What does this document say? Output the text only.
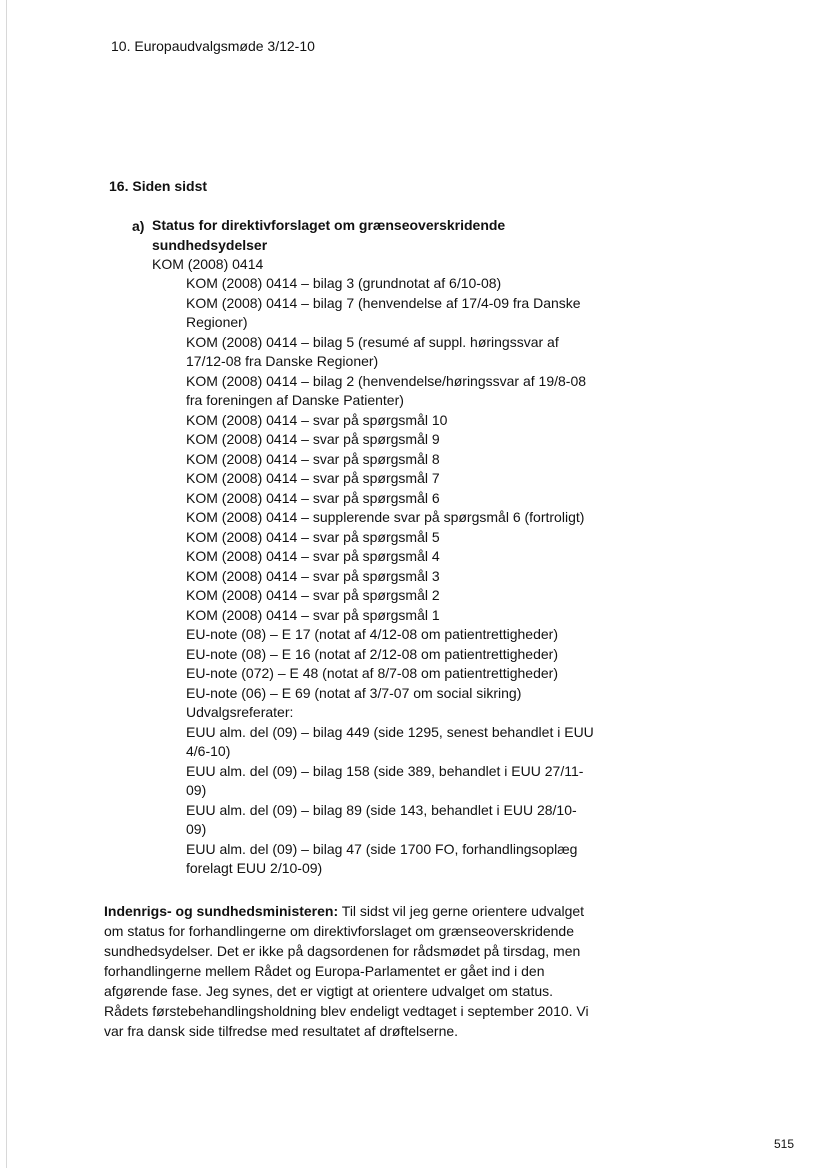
10. Europaudvalgsmøde 3/12-10
16. Siden sidst
a) Status for direktivforslaget om grænseoverskridende sundhedsydelser
KOM (2008) 0414
KOM (2008) 0414 – bilag 3 (grundnotat af 6/10-08)
KOM (2008) 0414 – bilag 7 (henvendelse af 17/4-09 fra Danske Regioner)
KOM (2008) 0414 – bilag 5 (resumé af suppl. høringssvar af 17/12-08 fra Danske Regioner)
KOM (2008) 0414 – bilag 2 (henvendelse/høringssvar af 19/8-08 fra foreningen af Danske Patienter)
KOM (2008) 0414 – svar på spørgsmål 10
KOM (2008) 0414 – svar på spørgsmål 9
KOM (2008) 0414 – svar på spørgsmål 8
KOM (2008) 0414 – svar på spørgsmål 7
KOM (2008) 0414 – svar på spørgsmål 6
KOM (2008) 0414 – supplerende svar på spørgsmål 6 (fortroligt)
KOM (2008) 0414 – svar på spørgsmål 5
KOM (2008) 0414 – svar på spørgsmål 4
KOM (2008) 0414 – svar på spørgsmål 3
KOM (2008) 0414 – svar på spørgsmål 2
KOM (2008) 0414 – svar på spørgsmål 1
EU-note (08) – E 17 (notat af 4/12-08 om patientrettigheder)
EU-note (08) – E 16 (notat af 2/12-08 om patientrettigheder)
EU-note (072) – E 48 (notat af 8/7-08 om patientrettigheder)
EU-note (06) – E 69 (notat af 3/7-07 om social sikring)
Udvalgsreferater:
EUU alm. del (09) – bilag 449 (side 1295, senest behandlet i EUU 4/6-10)
EUU alm. del (09) – bilag 158 (side 389, behandlet i EUU 27/11-09)
EUU alm. del (09) – bilag 89 (side 143, behandlet i EUU 28/10-09)
EUU alm. del (09) – bilag 47 (side 1700 FO, forhandlingsoplæg forelagt EUU 2/10-09)

Indenrigs- og sundhedsministeren: Til sidst vil jeg gerne orientere udvalget om status for forhandlingerne om direktivforslaget om grænseoverskridende sundhedsydelser. Det er ikke på dagsordenen for rådsmødet på tirsdag, men forhandlingerne mellem Rådet og Europa-Parlamentet er gået ind i den afgørende fase. Jeg synes, det er vigtigt at orientere udvalget om status. Rådets førstebehandlingsholdning blev endeligt vedtaget i september 2010. Vi var fra dansk side tilfredse med resultatet af drøftelserne.

515
